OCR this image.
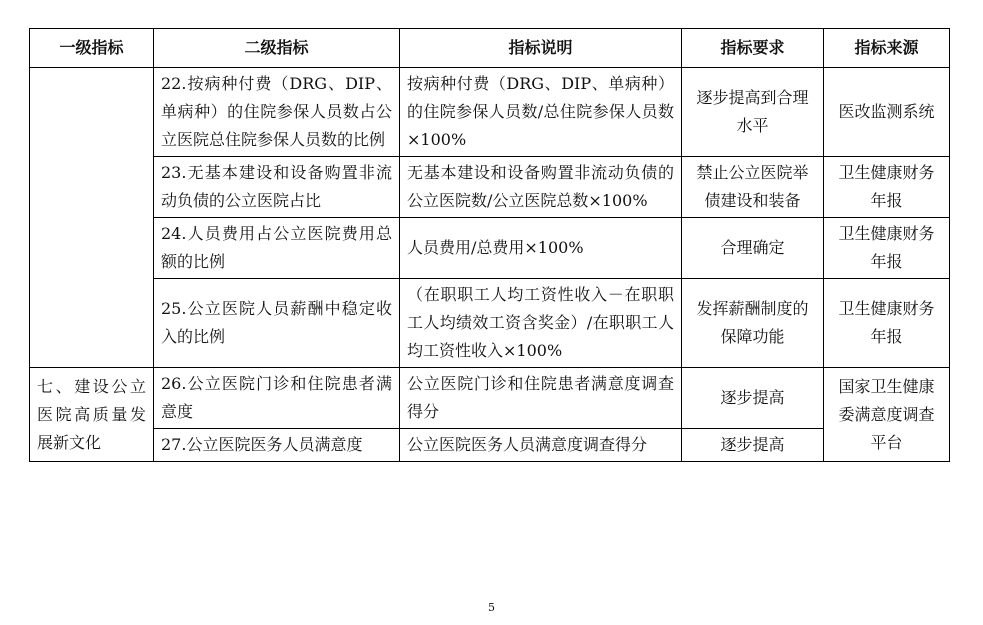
一级指标	二级指标	指标说明	指标要求	指标来源
	22.按病种付费（DRG、DIP、单病种）的住院参保人员数占公立医院总住院参保人员数的比例	按病种付费（DRG、DIP、单病种）的住院参保人员数/总住院参保人员数×100%	逐步提高到合理水平	医改监测系统
	23.无基本建设和设备购置非流动负债的公立医院占比	无基本建设和设备购置非流动负债的公立医院数/公立医院总数×100%	禁止公立医院举债建设和装备	卫生健康财务年报
	24.人员费用占公立医院费用总额的比例	人员费用/总费用×100%	合理确定	卫生健康财务年报
	25.公立医院人员薪酬中稳定收入的比例	（在职职工人均工资性收入－在职职工人均绩效工资含奖金）/在职职工人均工资性收入×100%	发挥薪酬制度的保障功能	卫生健康财务年报
七、建设公立医院高质量发展新文化	26.公立医院门诊和住院患者满意度	公立医院门诊和住院患者满意度调查得分	逐步提高	国家卫生健康委满意度调查平台
	27.公立医院医务人员满意度	公立医院医务人员满意度调查得分	逐步提高	
5
